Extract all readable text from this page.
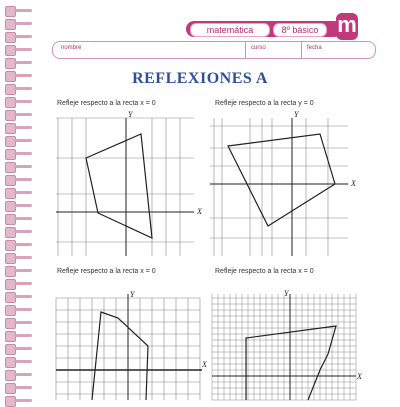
matemática	8º básico m
nombre	curso	fecha
REFLEXIONES A
Refleje respecto a la recta x = 0
X
Y
Refleje respecto a la recta y = 0
X
Y
Refleje respecto a la recta x = 0
X
Y
Refleje respecto a la recta x = 0
X
Y
